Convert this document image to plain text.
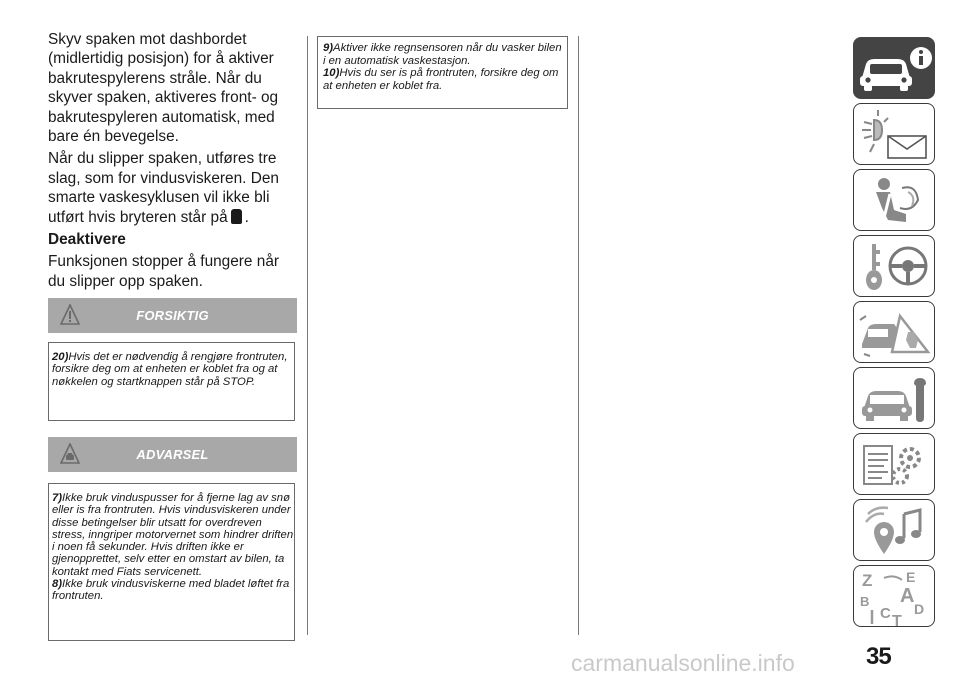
Skyv spaken mot dashbordet (midlertidig posisjon) for å aktiver bakrutespylerens stråle. Når du skyver spaken, aktiveres front- og bakrutespyleren automatisk, med bare én bevegelse.

Når du slipper spaken, utføres tre slag, som for vindusviskeren. Den smarte vaskesyklusen vil ikke bli utført hvis bryteren står på .

Deaktivere

Funksjonen stopper å fungere når du slipper opp spaken.

FORSIKTIG

20)Hvis det er nødvendig å rengjøre frontruten, forsikre deg om at enheten er koblet fra og at nøkkelen og startknappen står på STOP.

ADVARSEL

7)Ikke bruk vinduspusser for å fjerne lag av snø eller is fra frontruten. Hvis vindusviskeren under disse betingelser blir utsatt for overdreven stress, inngriper motorvernet som hindrer driften i noen få sekunder. Hvis driften ikke er gjenopprettet, selv etter en omstart av bilen, ta kontakt med Fiats servicenett.

8)Ikke bruk vindusviskerne med bladet løftet fra frontruten.

9)Aktiver ikke regnsensoren når du vasker bilen i en automatisk vaskestasjon.

10)Hvis du ser is på frontruten, forsikre deg om at enheten er koblet fra.

Z E
B A
C T
D
carmanualsonline.info	35
